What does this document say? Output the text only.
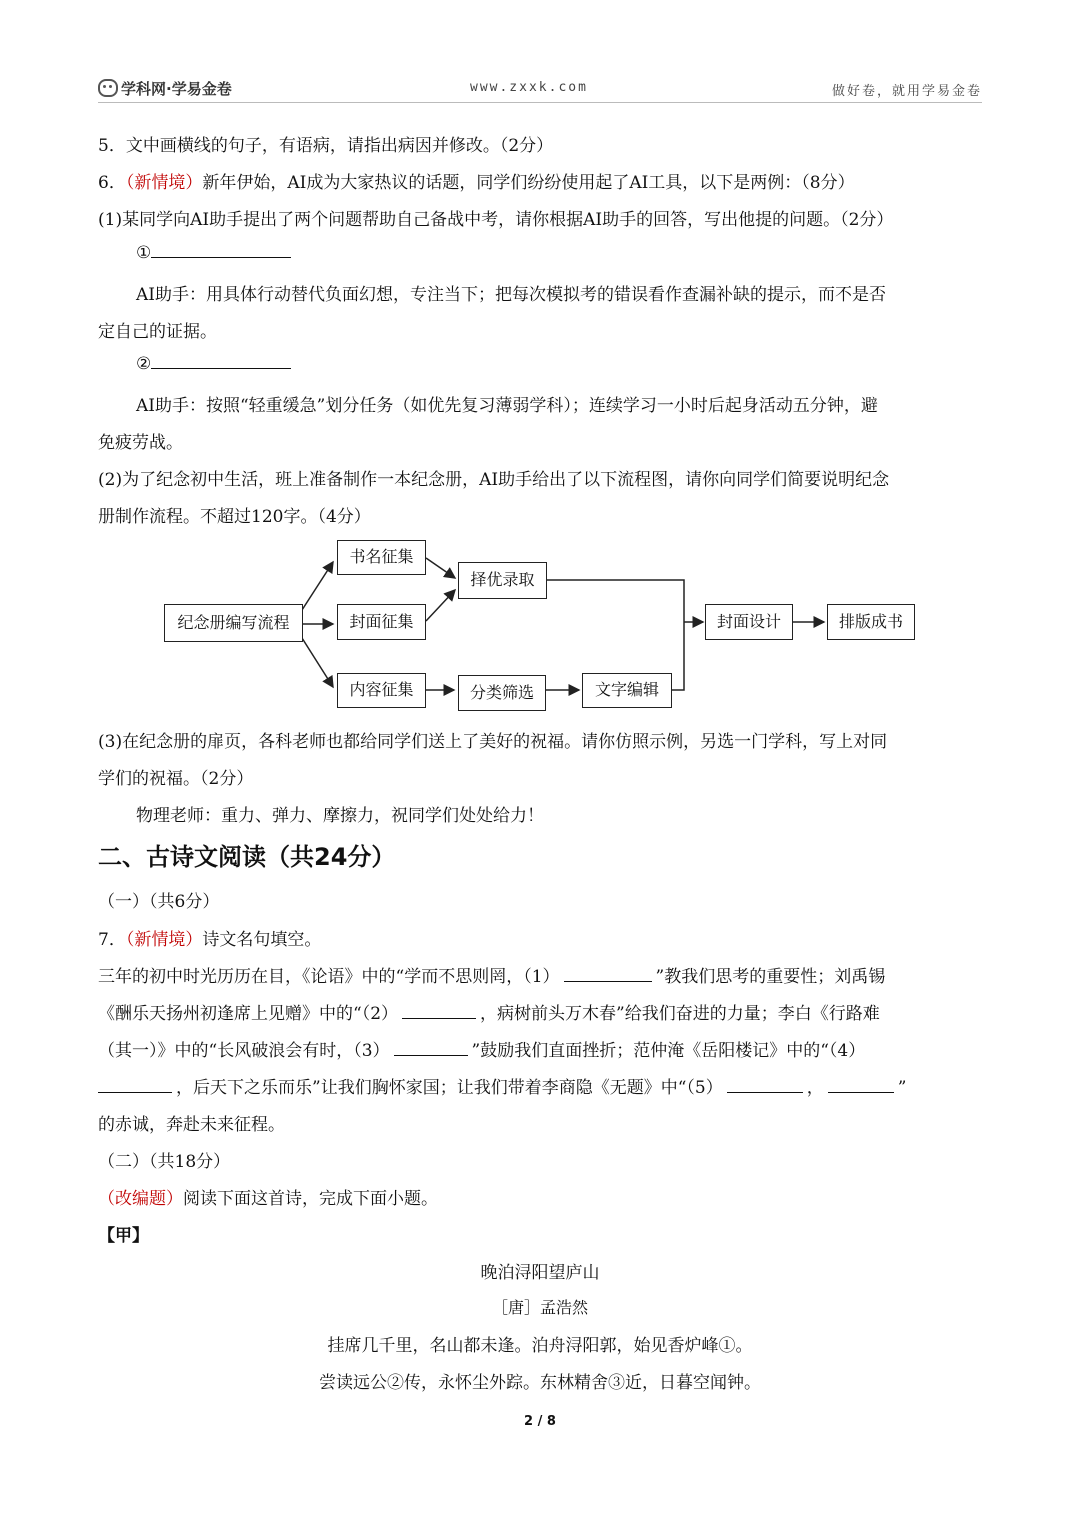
学科网·学易金卷	www.zxxk.com	做好卷，就用学易金卷
5．文中画横线的句子，有语病，请指出病因并修改。（2分）
6．（新情境）新年伊始，AI成为大家热议的话题，同学们纷纷使用起了AI工具，以下是两例：（8分）
(1)某同学向AI助手提出了两个问题帮助自己备战中考，请你根据AI助手的回答，写出他提的问题。（2分）
①
AI助手：用具体行动替代负面幻想，专注当下；把每次模拟考的错误看作查漏补缺的提示，而不是否
定自己的证据。
②
AI助手：按照“轻重缓急”划分任务（如优先复习薄弱学科）；连续学习一小时后起身活动五分钟，避
免疲劳战。
(2)为了纪念初中生活，班上准备制作一本纪念册，AI助手给出了以下流程图，请你向同学们简要说明纪念
册制作流程。不超过120字。（4分）
纪念册编写流程
书名征集
封面征集
内容征集
择优录取
分类筛选	文字编辑
封面设计	排版成书
(3)在纪念册的扉页，各科老师也都给同学们送上了美好的祝福。请你仿照示例，另选一门学科，写上对同
学们的祝福。（2分）
物理老师：重力、弹力、摩擦力，祝同学们处处给力！
二、古诗文阅读（共24分）
（一）（共6分）
7．（新情境）诗文名句填空。
三年的初中时光历历在目，《论语》中的“学而不思则罔，（1）	”教我们思考的重要性；刘禹锡
《酬乐天扬州初逢席上见赠》中的“（2）	，病树前头万木春”给我们奋进的力量；李白《行路难
（其一）》中的“长风破浪会有时，（3）	”鼓励我们直面挫折；范仲淹《岳阳楼记》中的“（4）
，后天下之乐而乐”让我们胸怀家国；让我们带着李商隐《无题》中“（5）	，	”
的赤诚，奔赴未来征程。
（二）（共18分）
（改编题）阅读下面这首诗，完成下面小题。
【甲】
晚泊浔阳望庐山
［唐］孟浩然
挂席几千里，名山都未逢。泊舟浔阳郭，始见香炉峰①。
尝读远公②传，永怀尘外踪。东林精舍③近，日暮空闻钟。
2 / 8
